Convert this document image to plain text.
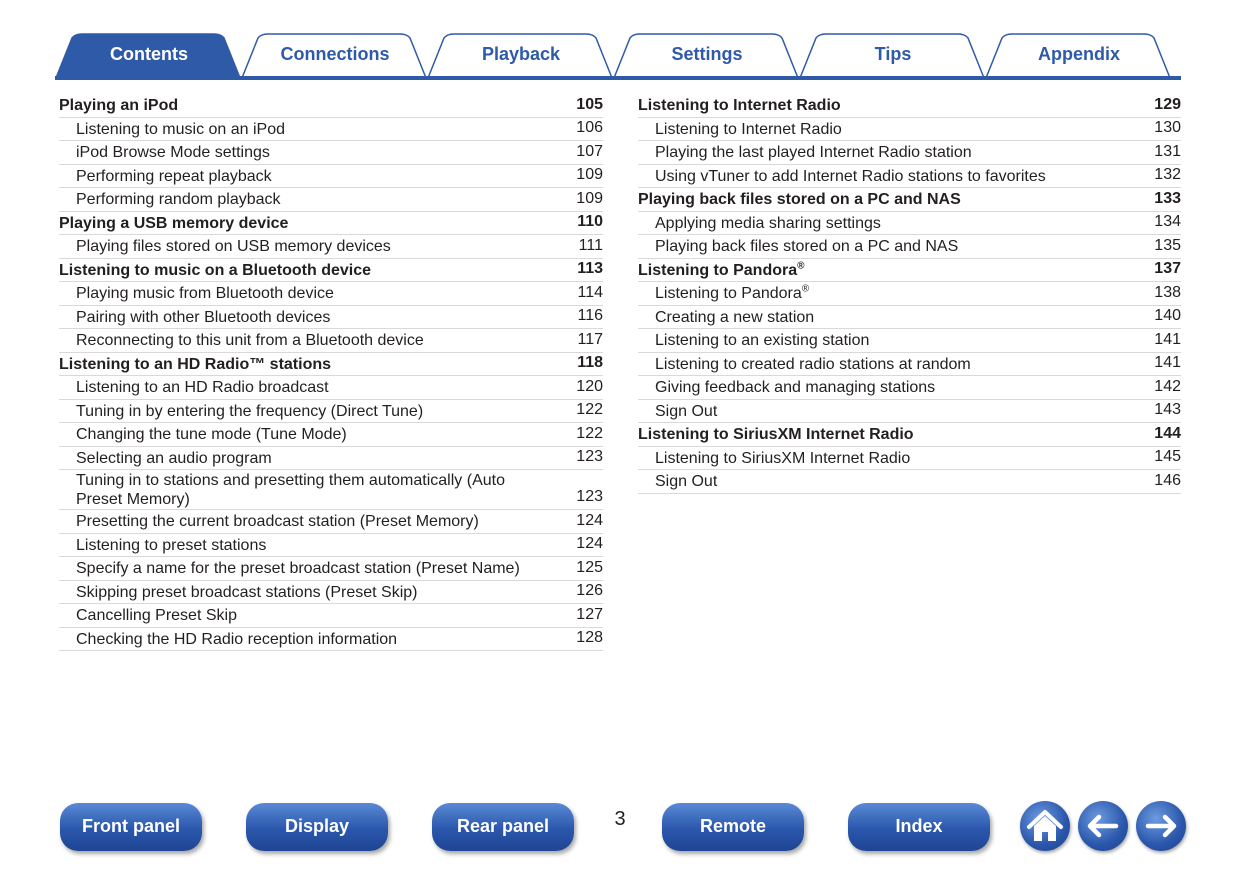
Contents	Connections	Playback	Settings	Tips	Appendix
Playing an iPod	105
Listening to music on an iPod	106
iPod Browse Mode settings	107
Performing repeat playback	109
Performing random playback	109
Playing a USB memory device	110
Playing files stored on USB memory devices	111
Listening to music on a Bluetooth device	113
Playing music from Bluetooth device	114
Pairing with other Bluetooth devices	116
Reconnecting to this unit from a Bluetooth device	117
Listening to an HD Radio™ stations	118
Listening to an HD Radio broadcast	120
Tuning in by entering the frequency (Direct Tune)	122
Changing the tune mode (Tune Mode)	122
Selecting an audio program	123
Tuning in to stations and presetting them automatically (Auto
Preset Memory)	123
Presetting the current broadcast station (Preset Memory)	124
Listening to preset stations	124
Specify a name for the preset broadcast station (Preset Name)	125
Skipping preset broadcast stations (Preset Skip)	126
Cancelling Preset Skip	127
Checking the HD Radio reception information	128
Listening to Internet Radio	129
Listening to Internet Radio	130
Playing the last played Internet Radio station	131
Using vTuner to add Internet Radio stations to favorites	132
Playing back files stored on a PC and NAS	133
Applying media sharing settings	134
Playing back files stored on a PC and NAS	135
Listening to Pandora®	137
Listening to Pandora®	138
Creating a new station	140
Listening to an existing station	141
Listening to created radio stations at random	141
Giving feedback and managing stations	142
Sign Out	143
Listening to SiriusXM Internet Radio	144
Listening to SiriusXM Internet Radio	145
Sign Out	146
Front panel	Display	Rear panel	3	Remote	Index
